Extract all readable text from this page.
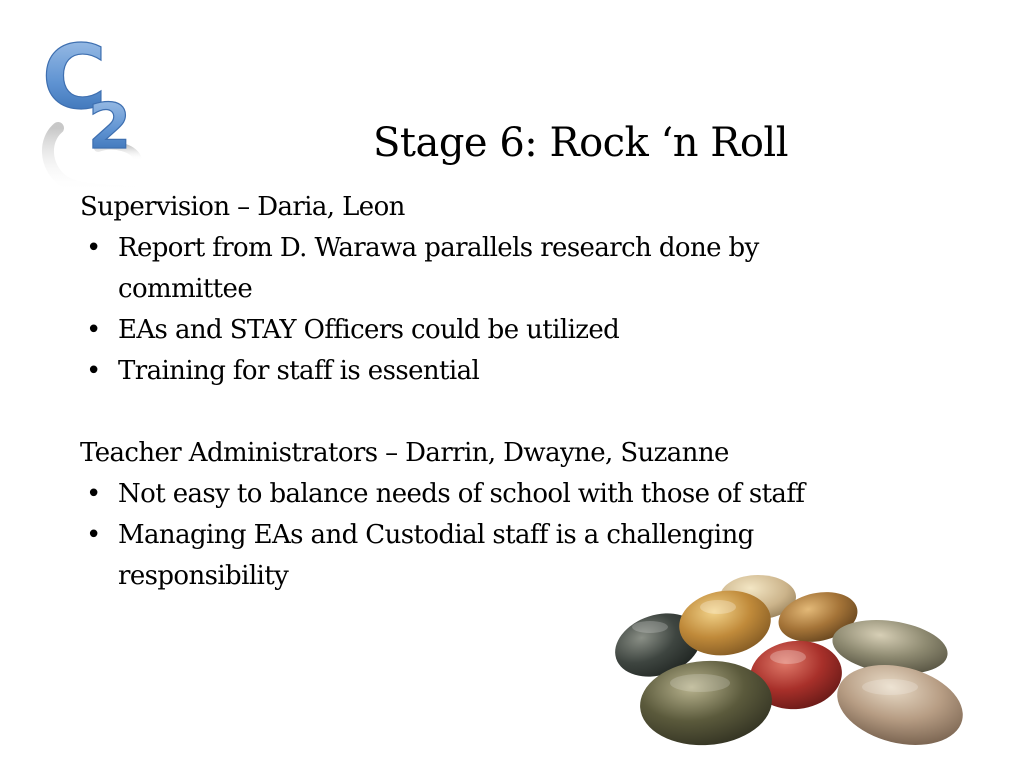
C
2	Stage 6: Rock ‘n Roll

Supervision – Daria, Leon

• Report from D. Warawa parallels research done by committee
• EAs and STAY Officers could be utilized
• Training for staff is essential

Teacher Administrators – Darrin, Dwayne, Suzanne

• Not easy to balance needs of school with those of staff
• Managing EAs and Custodial staff is a challenging responsibility
